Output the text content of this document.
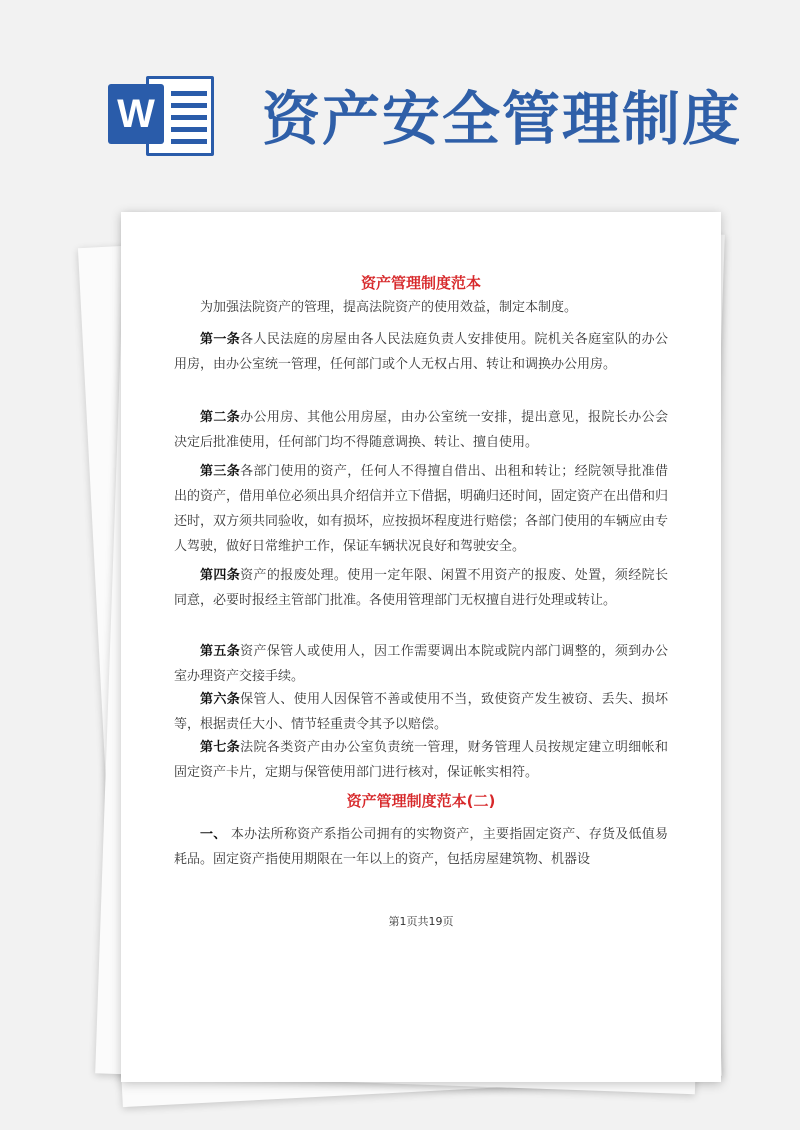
W 资产安全管理制度
资产管理制度范本

为加强法院资产的管理，提高法院资产的使用效益，制定本制度。

第一条各人民法庭的房屋由各人民法庭负责人安排使用。院机关各庭室队的办公用房，由办公室统一管理，任何部门或个人无权占用、转让和调换办公用房。

第二条办公用房、其他公用房屋，由办公室统一安排，提出意见，报院长办公会决定后批准使用，任何部门均不得随意调换、转让、擅自使用。

第三条各部门使用的资产，任何人不得擅自借出、出租和转让；经院领导批准借出的资产，借用单位必须出具介绍信并立下借据，明确归还时间，固定资产在出借和归还时，双方须共同验收，如有损坏，应按损坏程度进行赔偿；各部门使用的车辆应由专人驾驶，做好日常维护工作，保证车辆状况良好和驾驶安全。

第四条资产的报废处理。使用一定年限、闲置不用资产的报废、处置，须经院长同意，必要时报经主管部门批准。各使用管理部门无权擅自进行处理或转让。

第五条资产保管人或使用人，因工作需要调出本院或院内部门调整的，须到办公室办理资产交接手续。

第六条保管人、使用人因保管不善或使用不当，致使资产发生被窃、丢失、损坏等，根据责任大小、情节轻重责令其予以赔偿。

第七条法院各类资产由办公室负责统一管理，财务管理人员按规定建立明细帐和固定资产卡片，定期与保管使用部门进行核对，保证帐实相符。

资产管理制度范本(二)

一、 本办法所称资产系指公司拥有的实物资产，主要指固定资产、存货及低值易耗品。固定资产指使用期限在一年以上的资产，包括房屋建筑物、机器设

第1页共19页
